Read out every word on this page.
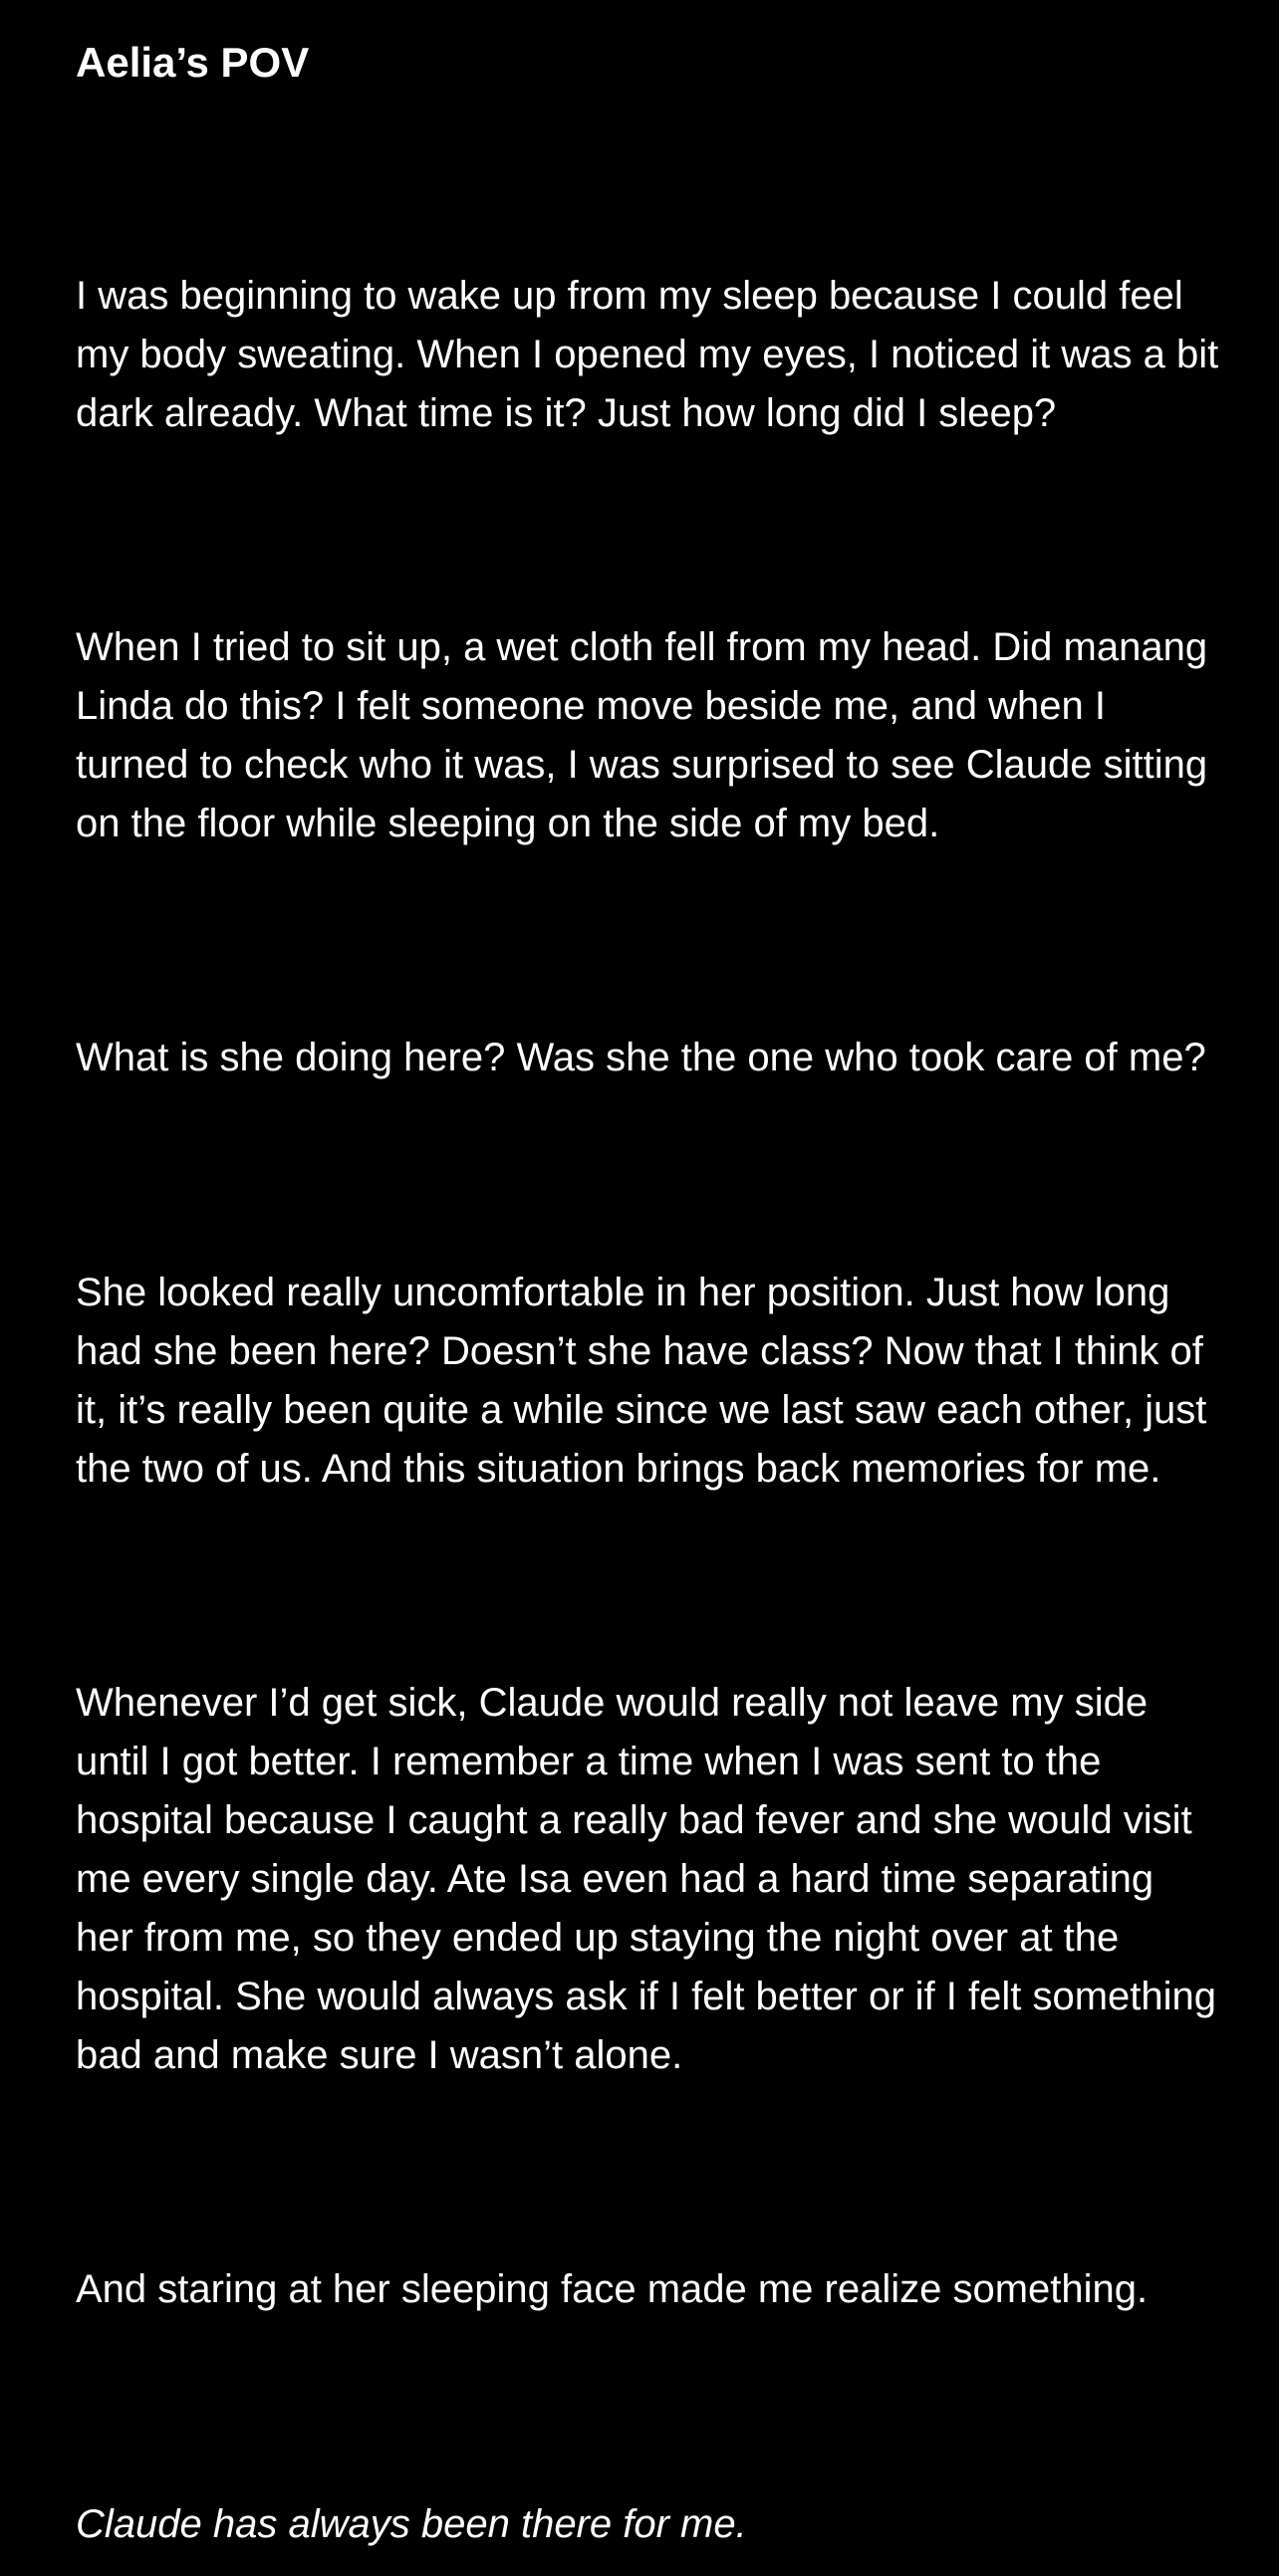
Aelia’s POV

I was beginning to wake up from my sleep because I could feel my body sweating. When I opened my eyes, I noticed it was a bit dark already. What time is it? Just how long did I sleep?

When I tried to sit up, a wet cloth fell from my head. Did manang Linda do this? I felt someone move beside me, and when I turned to check who it was, I was surprised to see Claude sitting on the floor while sleeping on the side of my bed.

What is she doing here? Was she the one who took care of me?

She looked really uncomfortable in her position. Just how long had she been here? Doesn’t she have class? Now that I think of it, it’s really been quite a while since we last saw each other, just the two of us. And this situation brings back memories for me.

Whenever I’d get sick, Claude would really not leave my side until I got better. I remember a time when I was sent to the hospital because I caught a really bad fever and she would visit me every single day. Ate Isa even had a hard time separating her from me, so they ended up staying the night over at the hospital. She would always ask if I felt better or if I felt something bad and make sure I wasn’t alone.

And staring at her sleeping face made me realize something.

Claude has always been there for me.
